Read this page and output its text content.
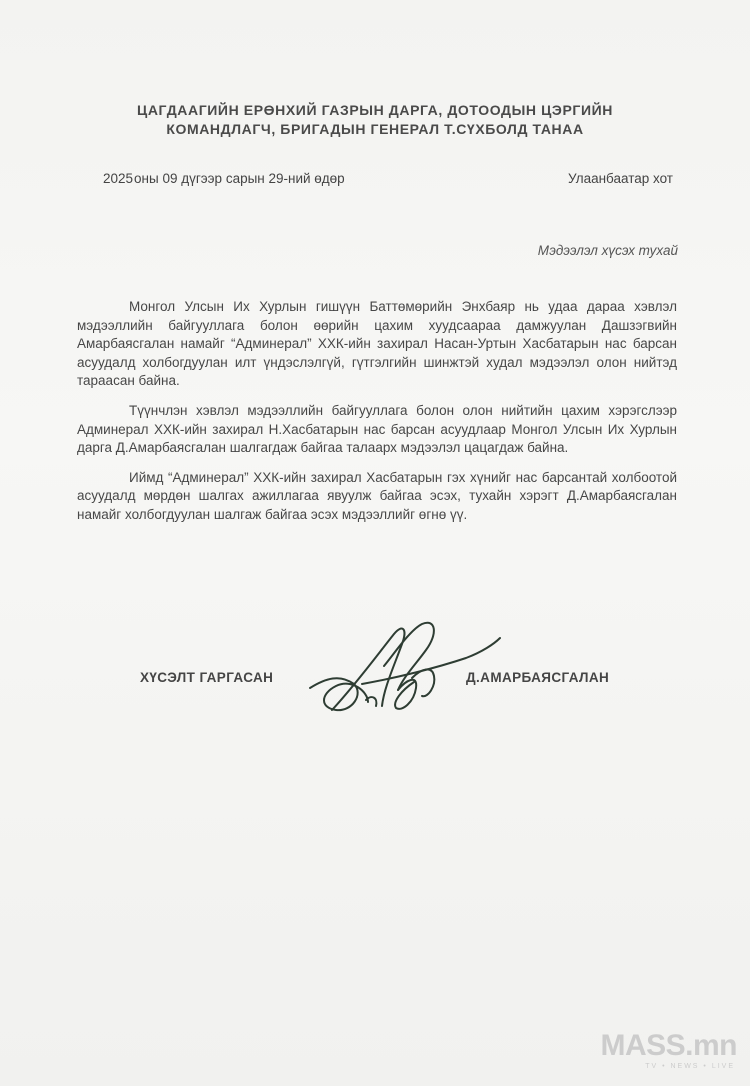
ЦАГДААГИЙН ЕРӨНХИЙ ГАЗРЫН ДАРГА, ДОТООДЫН ЦЭРГИЙН
КОМАНДЛАГЧ, БРИГАДЫН ГЕНЕРАЛ Т.СҮХБОЛД ТАНАА
2025оны 09 дүгээр сарын 29-ний өдөр	Улаанбаатар хот
Мэдээлэл хүсэх тухай

Монгол Улсын Их Хурлын гишүүн Баттөмөрийн Энхбаяр нь удаа дараа хэвлэл мэдээллийн байгууллага болон өөрийн цахим хуудсаараа дамжуулан Дашзэгвийн Амарбаясгалан намайг “Админерал” ХХК-ийн захирал Насан-Уртын Хасбатарын нас барсан асуудалд холбогдуулан илт үндэслэлгүй, гүтгэлгийн шинжтэй худал мэдээлэл олон нийтэд тараасан байна.

Түүнчлэн хэвлэл мэдээллийн байгууллага болон олон нийтийн цахим хэрэгслээр Админерал ХХК-ийн захирал Н.Хасбатарын нас барсан асуудлаар Монгол Улсын Их Хурлын дарга Д.Амарбаясгалан шалгагдаж байгаа талаарх мэдээлэл цацагдаж байна.

Иймд “Админерал” ХХК-ийн захирал Хасбатарын гэх хүнийг нас барсантай холбоотой асуудалд мөрдөн шалгах ажиллагаа явуулж байгаа эсэх, тухайн хэрэгт Д.Амарбаясгалан намайг холбогдуулан шалгаж байгаа эсэх мэдээллийг өгнө үү.

ХҮСЭЛТ ГАРГАСАН	Д.АМАРБАЯСГАЛАН
MASS.mn
TV • NEWS • LIVE
